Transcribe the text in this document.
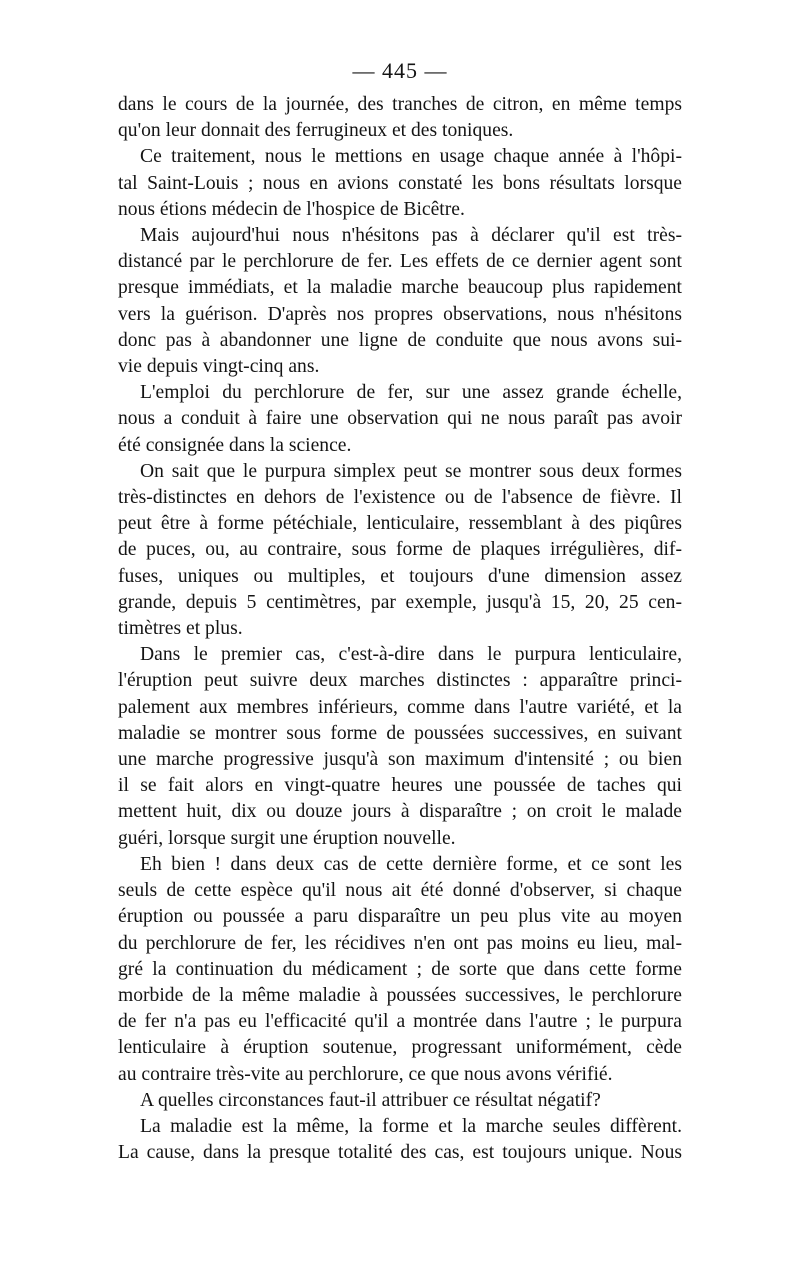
— 445 —

dans le cours de la journée, des tranches de citron, en même temps
qu'on leur donnait des ferrugineux et des toniques.

Ce traitement, nous le mettions en usage chaque année à l'hôpi-
tal Saint-Louis ; nous en avions constaté les bons résultats lorsque
nous étions médecin de l'hospice de Bicêtre.

Mais aujourd'hui nous n'hésitons pas à déclarer qu'il est très-
distancé par le perchlorure de fer. Les effets de ce dernier agent sont
presque immédiats, et la maladie marche beaucoup plus rapidement
vers la guérison. D'après nos propres observations, nous n'hésitons
donc pas à abandonner une ligne de conduite que nous avons sui-
vie depuis vingt-cinq ans.

L'emploi du perchlorure de fer, sur une assez grande échelle,
nous a conduit à faire une observation qui ne nous paraît pas avoir
été consignée dans la science.

On sait que le purpura simplex peut se montrer sous deux formes
très-distinctes en dehors de l'existence ou de l'absence de fièvre. Il
peut être à forme pétéchiale, lenticulaire, ressemblant à des piqûres
de puces, ou, au contraire, sous forme de plaques irrégulières, dif-
fuses, uniques ou multiples, et toujours d'une dimension assez
grande, depuis 5 centimètres, par exemple, jusqu'à 15, 20, 25 cen-
timètres et plus.

Dans le premier cas, c'est-à-dire dans le purpura lenticulaire,
l'éruption peut suivre deux marches distinctes : apparaître princi-
palement aux membres inférieurs, comme dans l'autre variété, et la
maladie se montrer sous forme de poussées successives, en suivant
une marche progressive jusqu'à son maximum d'intensité ; ou bien
il se fait alors en vingt-quatre heures une poussée de taches qui
mettent huit, dix ou douze jours à disparaître ; on croit le malade
guéri, lorsque surgit une éruption nouvelle.

Eh bien ! dans deux cas de cette dernière forme, et ce sont les
seuls de cette espèce qu'il nous ait été donné d'observer, si chaque
éruption ou poussée a paru disparaître un peu plus vite au moyen
du perchlorure de fer, les récidives n'en ont pas moins eu lieu, mal-
gré la continuation du médicament ; de sorte que dans cette forme
morbide de la même maladie à poussées successives, le perchlorure
de fer n'a pas eu l'efficacité qu'il a montrée dans l'autre ; le purpura
lenticulaire à éruption soutenue, progressant uniformément, cède
au contraire très-vite au perchlorure, ce que nous avons vérifié.

A quelles circonstances faut-il attribuer ce résultat négatif?

La maladie est la même, la forme et la marche seules diffèrent.
La cause, dans la presque totalité des cas, est toujours unique. Nous
